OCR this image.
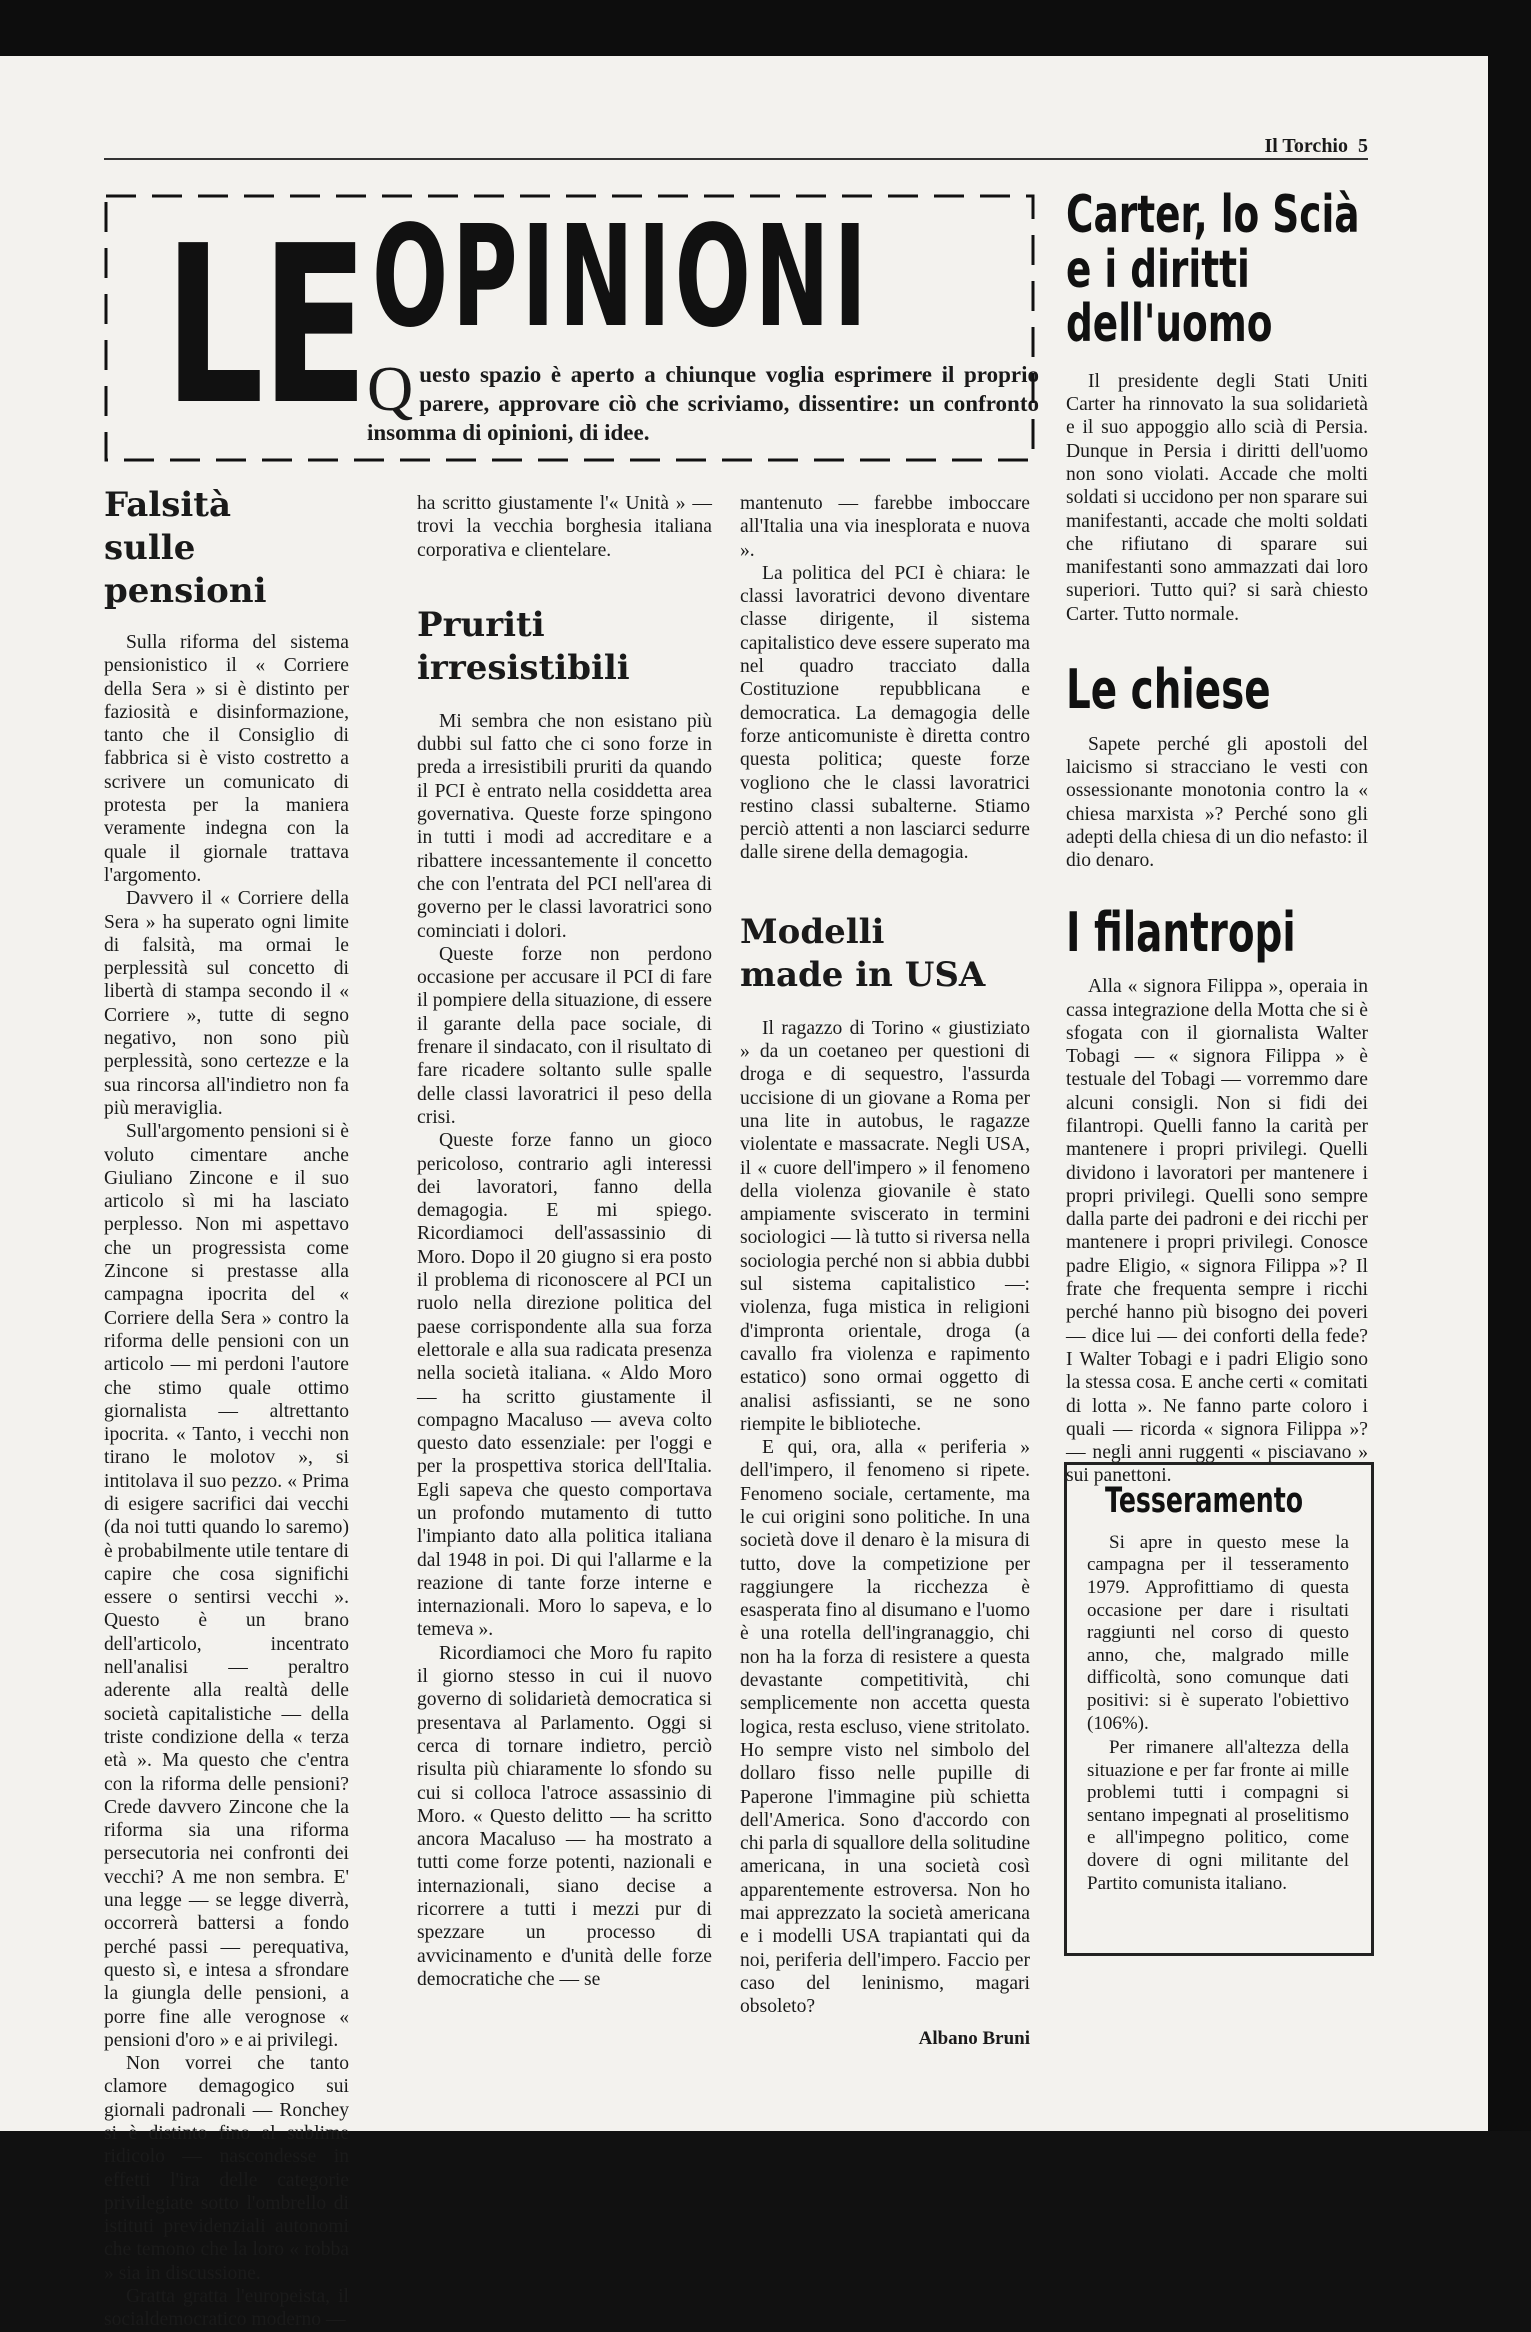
Il Torchio 5
LE OPINIONI
Questo spazio è aperto a chiunque voglia esprimere il proprio parere, approvare ciò che scriviamo, dissentire: un confronto insomma di opinioni, di idee.
Falsità
sulle pensioni

Sulla riforma del sistema pensionistico il « Corriere della Sera » si è distinto per faziosità e disinformazione, tanto che il Consiglio di fabbrica si è visto costretto a scrivere un comunicato di protesta per la maniera veramente indegna con la quale il giornale trattava l'argomento.

Davvero il « Corriere della Sera » ha superato ogni limite di falsità, ma ormai le perplessità sul concetto di libertà di stampa secondo il « Corriere », tutte di segno negativo, non sono più perplessità, sono certezze e la sua rincorsa all'indietro non fa più meraviglia.

Sull'argomento pensioni si è voluto cimentare anche Giuliano Zincone e il suo articolo sì mi ha lasciato perplesso. Non mi aspettavo che un progressista come Zincone si prestasse alla campagna ipocrita del « Corriere della Sera » contro la riforma delle pensioni con un articolo — mi perdoni l'autore che stimo quale ottimo giornalista — altrettanto ipocrita. « Tanto, i vecchi non tirano le molotov », si intitolava il suo pezzo. « Prima di esigere sacrifici dai vecchi (da noi tutti quando lo saremo) è probabilmente utile tentare di capire che cosa significhi essere o sentirsi vecchi ». Questo è un brano dell'articolo, incentrato nell'analisi — peraltro aderente alla realtà delle società capitalistiche — della triste condizione della « terza età ». Ma questo che c'entra con la riforma delle pensioni? Crede davvero Zincone che la riforma sia una riforma persecutoria nei confronti dei vecchi? A me non sembra. E' una legge — se legge diverrà, occorrerà battersi a fondo perché passi — perequativa, questo sì, e intesa a sfrondare la giungla delle pensioni, a porre fine alle verognose « pensioni d'oro » e ai privilegi.

Non vorrei che tanto clamore demagogico sui giornali padronali — Ronchey si è distinto fino al sublime ridicolo — nascondesse in effetti l'ira delle categorie privilegiate sotto l'ombrello di istituti previdenziali autonomi che temono che la loro « robba » sia in discussione.

Gratta gratta l'europeista, il socialdemocratico moderno —

ha scritto giustamente l'« Unità » — trovi la vecchia borghesia italiana corporativa e clientelare.

Pruriti
irresistibili

Mi sembra che non esistano più dubbi sul fatto che ci sono forze in preda a irresistibili pruriti da quando il PCI è entrato nella cosiddetta area governativa. Queste forze spingono in tutti i modi ad accreditare e a ribattere incessantemente il concetto che con l'entrata del PCI nell'area di governo per le classi lavoratrici sono cominciati i dolori.

Queste forze non perdono occasione per accusare il PCI di fare il pompiere della situazione, di essere il garante della pace sociale, di frenare il sindacato, con il risultato di fare ricadere soltanto sulle spalle delle classi lavoratrici il peso della crisi.

Queste forze fanno un gioco pericoloso, contrario agli interessi dei lavoratori, fanno della demagogia. E mi spiego. Ricordiamoci dell'assassinio di Moro. Dopo il 20 giugno si era posto il problema di riconoscere al PCI un ruolo nella direzione politica del paese corrispondente alla sua forza elettorale e alla sua radicata presenza nella società italiana. « Aldo Moro — ha scritto giustamente il compagno Macaluso — aveva colto questo dato essenziale: per l'oggi e per la prospettiva storica dell'Italia. Egli sapeva che questo comportava un profondo mutamento di tutto l'impianto dato alla politica italiana dal 1948 in poi. Di qui l'allarme e la reazione di tante forze interne e internazionali. Moro lo sapeva, e lo temeva ».

Ricordiamoci che Moro fu rapito il giorno stesso in cui il nuovo governo di solidarietà democratica si presentava al Parlamento. Oggi si cerca di tornare indietro, perciò risulta più chiaramente lo sfondo su cui si colloca l'atroce assassinio di Moro. « Questo delitto — ha scritto ancora Macaluso — ha mostrato a tutti come forze potenti, nazionali e internazionali, siano decise a ricorrere a tutti i mezzi pur di spezzare un processo di avvicinamento e d'unità delle forze democratiche che — se

mantenuto — farebbe imboccare all'Italia una via inesplorata e nuova ».

La politica del PCI è chiara: le classi lavoratrici devono diventare classe dirigente, il sistema capitalistico deve essere superato ma nel quadro tracciato dalla Costituzione repubblicana e democratica. La demagogia delle forze anticomuniste è diretta contro questa politica; queste forze vogliono che le classi lavoratrici restino classi subalterne. Stiamo perciò attenti a non lasciarci sedurre dalle sirene della demagogia.

Modelli
made in USA

Il ragazzo di Torino « giustiziato » da un coetaneo per questioni di droga e di sequestro, l'assurda uccisione di un giovane a Roma per una lite in autobus, le ragazze violentate e massacrate. Negli USA, il « cuore dell'impero » il fenomeno della violenza giovanile è stato ampiamente sviscerato in termini sociologici — là tutto si riversa nella sociologia perché non si abbia dubbi sul sistema capitalistico —: violenza, fuga mistica in religioni d'impronta orientale, droga (a cavallo fra violenza e rapimento estatico) sono ormai oggetto di analisi asfissianti, se ne sono riempite le biblioteche.

E qui, ora, alla « periferia » dell'impero, il fenomeno si ripete. Fenomeno sociale, certamente, ma le cui origini sono politiche. In una società dove il denaro è la misura di tutto, dove la competizione per raggiungere la ricchezza è esasperata fino al disumano e l'uomo è una rotella dell'ingranaggio, chi non ha la forza di resistere a questa devastante competitività, chi semplicemente non accetta questa logica, resta escluso, viene stritolato. Ho sempre visto nel simbolo del dollaro fisso nelle pupille di Paperone l'immagine più schietta dell'America. Sono d'accordo con chi parla di squallore della solitudine americana, in una società così apparentemente estroversa. Non ho mai apprezzato la società americana e i modelli USA trapiantati qui da noi, periferia dell'impero. Faccio per caso del leninismo, magari obsoleto?

Albano Bruni
Carter, lo Scià
e i diritti
dell'uomo

Il presidente degli Stati Uniti Carter ha rinnovato la sua solidarietà e il suo appoggio allo scià di Persia. Dunque in Persia i diritti dell'uomo non sono violati. Accade che molti soldati si uccidono per non sparare sui manifestanti, accade che molti soldati che rifiutano di sparare sui manifestanti sono ammazzati dai loro superiori. Tutto qui? si sarà chiesto Carter. Tutto normale.

Le chiese

Sapete perché gli apostoli del laicismo si stracciano le vesti con ossessionante monotonia contro la « chiesa marxista »? Perché sono gli adepti della chiesa di un dio nefasto: il dio denaro.

I filantropi

Alla « signora Filippa », operaia in cassa integrazione della Motta che si è sfogata con il giornalista Walter Tobagi — « signora Filippa » è testuale del Tobagi — vorremmo dare alcuni consigli. Non si fidi dei filantropi. Quelli fanno la carità per mantenere i propri privilegi. Quelli dividono i lavoratori per mantenere i propri privilegi. Quelli sono sempre dalla parte dei padroni e dei ricchi per mantenere i propri privilegi. Conosce padre Eligio, « signora Filippa »? Il frate che frequenta sempre i ricchi perché hanno più bisogno dei poveri — dice lui — dei conforti della fede? I Walter Tobagi e i padri Eligio sono la stessa cosa. E anche certi « comitati di lotta ». Ne fanno parte coloro i quali — ricorda « signora Filippa »? — negli anni ruggenti « pisciavano » sui panettoni.

Tesseramento

Si apre in questo mese la campagna per il tesseramento 1979. Approfittiamo di questa occasione per dare i risultati raggiunti nel corso di questo anno, che, malgrado mille difficoltà, sono comunque dati positivi: si è superato l'obiettivo (106%).

Per rimanere all'altezza della situazione e per far fronte ai mille problemi tutti i compagni si sentano impegnati al proselitismo e all'impegno politico, come dovere di ogni militante del Partito comunista italiano.
